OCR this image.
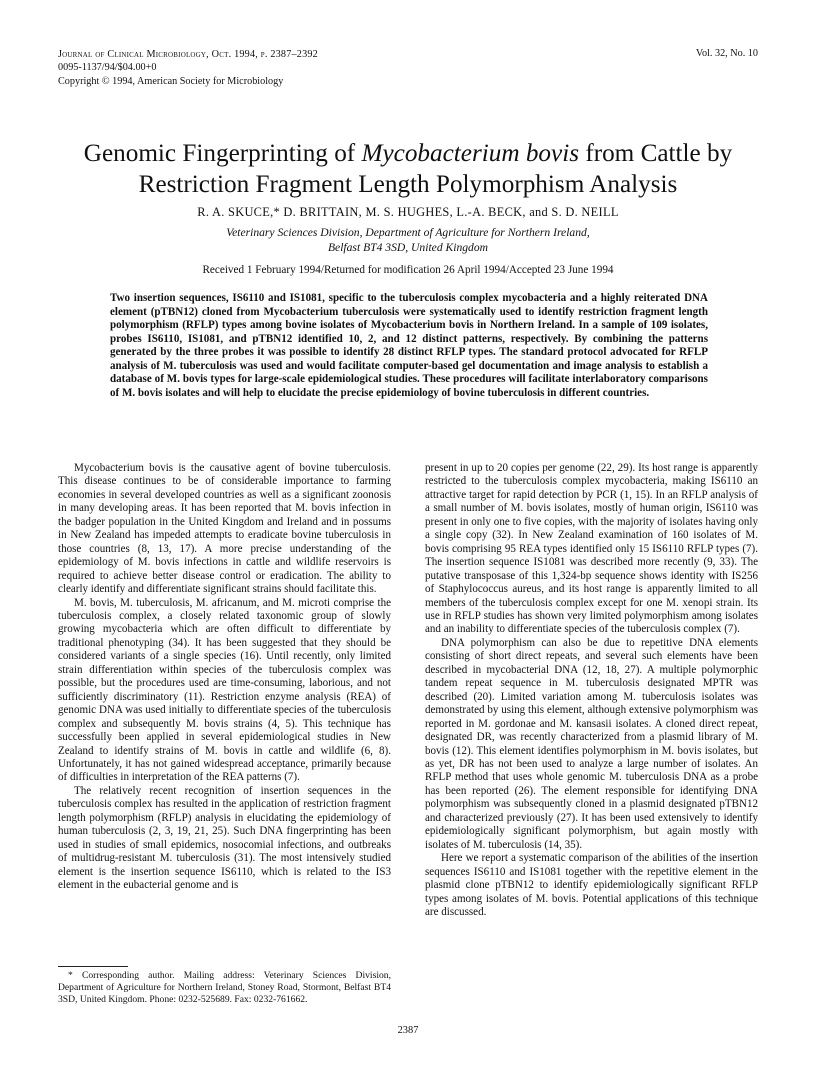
Journal of Clinical Microbiology, Oct. 1994, p. 2387–2392
0095-1137/94/$04.00+0
Copyright © 1994, American Society for Microbiology
Vol. 32, No. 10
Genomic Fingerprinting of Mycobacterium bovis from Cattle by Restriction Fragment Length Polymorphism Analysis
R. A. SKUCE,* D. BRITTAIN, M. S. HUGHES, L.-A. BECK, and S. D. NEILL
Veterinary Sciences Division, Department of Agriculture for Northern Ireland,
Belfast BT4 3SD, United Kingdom
Received 1 February 1994/Returned for modification 26 April 1994/Accepted 23 June 1994

Two insertion sequences, IS6110 and IS1081, specific to the tuberculosis complex mycobacteria and a highly reiterated DNA element (pTBN12) cloned from Mycobacterium tuberculosis were systematically used to identify restriction fragment length polymorphism (RFLP) types among bovine isolates of Mycobacterium bovis in Northern Ireland. In a sample of 109 isolates, probes IS6110, IS1081, and pTBN12 identified 10, 2, and 12 distinct patterns, respectively. By combining the patterns generated by the three probes it was possible to identify 28 distinct RFLP types. The standard protocol advocated for RFLP analysis of M. tuberculosis was used and would facilitate computer-based gel documentation and image analysis to establish a database of M. bovis types for large-scale epidemiological studies. These procedures will facilitate interlaboratory comparisons of M. bovis isolates and will help to elucidate the precise epidemiology of bovine tuberculosis in different countries.

Mycobacterium bovis is the causative agent of bovine tuberculosis. This disease continues to be of considerable importance to farming economies in several developed countries as well as a significant zoonosis in many developing areas. It has been reported that M. bovis infection in the badger population in the United Kingdom and Ireland and in possums in New Zealand has impeded attempts to eradicate bovine tuberculosis in those countries (8, 13, 17). A more precise understanding of the epidemiology of M. bovis infections in cattle and wildlife reservoirs is required to achieve better disease control or eradication. The ability to clearly identify and differentiate significant strains should facilitate this.

M. bovis, M. tuberculosis, M. africanum, and M. microti comprise the tuberculosis complex, a closely related taxonomic group of slowly growing mycobacteria which are often difficult to differentiate by traditional phenotyping (34). It has been suggested that they should be considered variants of a single species (16). Until recently, only limited strain differentiation within species of the tuberculosis complex was possible, but the procedures used are time-consuming, laborious, and not sufficiently discriminatory (11). Restriction enzyme analysis (REA) of genomic DNA was used initially to differentiate species of the tuberculosis complex and subsequently M. bovis strains (4, 5). This technique has successfully been applied in several epidemiological studies in New Zealand to identify strains of M. bovis in cattle and wildlife (6, 8). Unfortunately, it has not gained widespread acceptance, primarily because of difficulties in interpretation of the REA patterns (7).

The relatively recent recognition of insertion sequences in the tuberculosis complex has resulted in the application of restriction fragment length polymorphism (RFLP) analysis in elucidating the epidemiology of human tuberculosis (2, 3, 19, 21, 25). Such DNA fingerprinting has been used in studies of small epidemics, nosocomial infections, and outbreaks of multidrug-resistant M. tuberculosis (31). The most intensively studied element is the insertion sequence IS6110, which is related to the IS3 element in the eubacterial genome and is

present in up to 20 copies per genome (22, 29). Its host range is apparently restricted to the tuberculosis complex mycobacteria, making IS6110 an attractive target for rapid detection by PCR (1, 15). In an RFLP analysis of a small number of M. bovis isolates, mostly of human origin, IS6110 was present in only one to five copies, with the majority of isolates having only a single copy (32). In New Zealand examination of 160 isolates of M. bovis comprising 95 REA types identified only 15 IS6110 RFLP types (7). The insertion sequence IS1081 was described more recently (9, 33). The putative transposase of this 1,324-bp sequence shows identity with IS256 of Staphylococcus aureus, and its host range is apparently limited to all members of the tuberculosis complex except for one M. xenopi strain. Its use in RFLP studies has shown very limited polymorphism among isolates and an inability to differentiate species of the tuberculosis complex (7).

DNA polymorphism can also be due to repetitive DNA elements consisting of short direct repeats, and several such elements have been described in mycobacterial DNA (12, 18, 27). A multiple polymorphic tandem repeat sequence in M. tuberculosis designated MPTR was described (20). Limited variation among M. tuberculosis isolates was demonstrated by using this element, although extensive polymorphism was reported in M. gordonae and M. kansasii isolates. A cloned direct repeat, designated DR, was recently characterized from a plasmid library of M. bovis (12). This element identifies polymorphism in M. bovis isolates, but as yet, DR has not been used to analyze a large number of isolates. An RFLP method that uses whole genomic M. tuberculosis DNA as a probe has been reported (26). The element responsible for identifying DNA polymorphism was subsequently cloned in a plasmid designated pTBN12 and characterized previously (27). It has been used extensively to identify epidemiologically significant polymorphism, but again mostly with isolates of M. tuberculosis (14, 35).

Here we report a systematic comparison of the abilities of the insertion sequences IS6110 and IS1081 together with the repetitive element in the plasmid clone pTBN12 to identify epidemiologically significant RFLP types among isolates of M. bovis. Potential applications of this technique are discussed.

* Corresponding author. Mailing address: Veterinary Sciences Division, Department of Agriculture for Northern Ireland, Stoney Road, Stormont, Belfast BT4 3SD, United Kingdom. Phone: 0232-525689. Fax: 0232-761662.

2387
